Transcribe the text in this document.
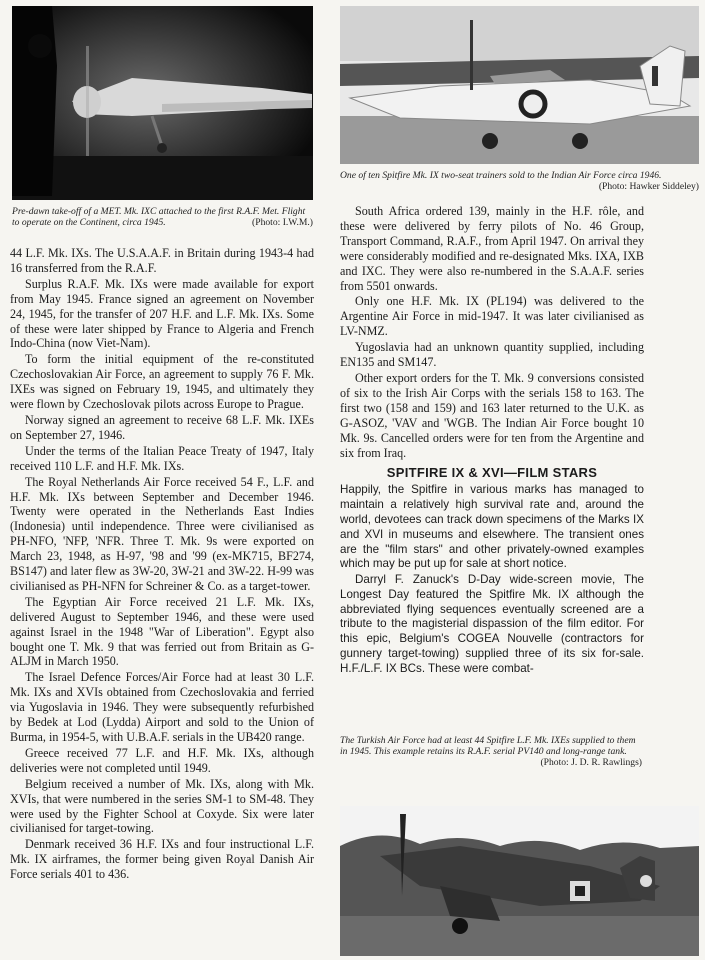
Pre-dawn take-off of a MET. Mk. IXC attached to the first R.A.F. Met. Flight to operate on the Continent, circa 1945.	(Photo: I.W.M.)
One of ten Spitfire Mk. IX two-seat trainers sold to the Indian Air Force circa 1946.
(Photo: Hawker Siddeley)

44 L.F. Mk. IXs. The U.S.A.A.F. in Britain during 1943-4 had 16 transferred from the R.A.F.

Surplus R.A.F. Mk. IXs were made available for export from May 1945. France signed an agreement on November 24, 1945, for the transfer of 207 H.F. and L.F. Mk. IXs. Some of these were later shipped by France to Algeria and French Indo-China (now Viet-Nam).

To form the initial equipment of the re-constituted Czechoslovakian Air Force, an agreement to supply 76 F. Mk. IXEs was signed on February 19, 1945, and ultimately they were flown by Czechoslovak pilots across Europe to Prague.

Norway signed an agreement to receive 68 L.F. Mk. IXEs on September 27, 1946.

Under the terms of the Italian Peace Treaty of 1947, Italy received 110 L.F. and H.F. Mk. IXs.

The Royal Netherlands Air Force received 54 F., L.F. and H.F. Mk. IXs between September and December 1946. Twenty were operated in the Netherlands East Indies (Indonesia) until independence. Three were civilianised as PH-NFO, 'NFP, 'NFR. Three T. Mk. 9s were exported on March 23, 1948, as H-97, '98 and '99 (ex-MK715, BF274, BS147) and later flew as 3W-20, 3W-21 and 3W-22. H-99 was civilianised as PH-NFN for Schreiner & Co. as a target-tower.

The Egyptian Air Force received 21 L.F. Mk. IXs, delivered August to September 1946, and these were used against Israel in the 1948 "War of Liberation". Egypt also bought one T. Mk. 9 that was ferried out from Britain as G-ALJM in March 1950.

The Israel Defence Forces/Air Force had at least 30 L.F. Mk. IXs and XVIs obtained from Czechoslovakia and ferried via Yugoslavia in 1946. They were subsequently refurbished by Bedek at Lod (Lydda) Airport and sold to the Union of Burma, in 1954-5, with U.B.A.F. serials in the UB420 range.

Greece received 77 L.F. and H.F. Mk. IXs, although deliveries were not completed until 1949.

Belgium received a number of Mk. IXs, along with Mk. XVIs, that were numbered in the series SM-1 to SM-48. They were used by the Fighter School at Coxyde. Six were later civilianised for target-towing.

Denmark received 36 H.F. IXs and four instructional L.F. Mk. IX airframes, the former being given Royal Danish Air Force serials 401 to 436.

South Africa ordered 139, mainly in the H.F. rôle, and these were delivered by ferry pilots of No. 46 Group, Transport Command, R.A.F., from April 1947. On arrival they were considerably modified and re-designated Mks. IXA, IXB and IXC. They were also re-numbered in the S.A.A.F. series from 5501 onwards.

Only one H.F. Mk. IX (PL194) was delivered to the Argentine Air Force in mid-1947. It was later civilianised as LV-NMZ.

Yugoslavia had an unknown quantity supplied, including EN135 and SM147.

Other export orders for the T. Mk. 9 conversions consisted of six to the Irish Air Corps with the serials 158 to 163. The first two (158 and 159) and 163 later returned to the U.K. as G-ASOZ, 'VAV and 'WGB. The Indian Air Force bought 10 Mk. 9s. Cancelled orders were for ten from the Argentine and six from Iraq.

SPITFIRE IX & XVI—FILM STARS

Happily, the Spitfire in various marks has managed to maintain a relatively high survival rate and, around the world, devotees can track down specimens of the Marks IX and XVI in museums and elsewhere. The transient ones are the "film stars" and other privately-owned examples which may be put up for sale at short notice.

Darryl F. Zanuck's D-Day wide-screen movie, The Longest Day featured the Spitfire Mk. IX although the abbreviated flying sequences eventually screened are a tribute to the magisterial dispassion of the film editor. For this epic, Belgium's COGEA Nouvelle (contractors for gunnery target-towing) supplied three of its six for-sale. H.F./L.F. IX BCs. These were combat-

The Turkish Air Force had at least 44 Spitfire L.F. Mk. IXEs supplied to them in 1945. This example retains its R.A.F. serial PV140 and long-range tank.
(Photo: J. D. R. Rawlings)
